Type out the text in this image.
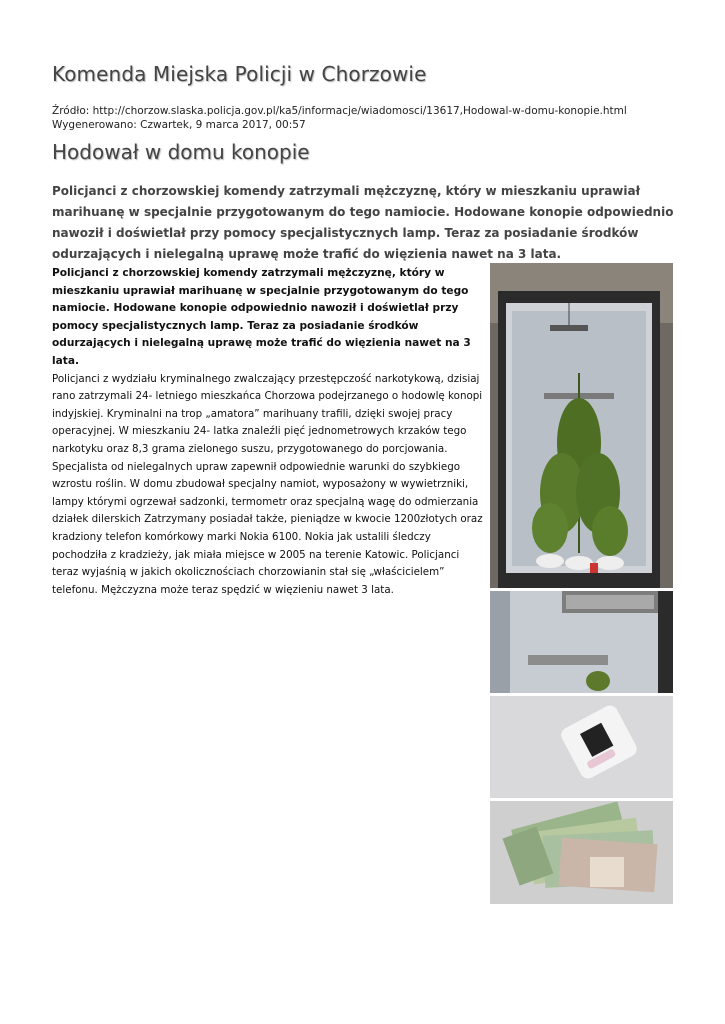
Komenda Miejska Policji w Chorzowie
Źródło: http://chorzow.slaska.policja.gov.pl/ka5/informacje/wiadomosci/13617,Hodowal-w-domu-konopie.html
Wygenerowano: Czwartek, 9 marca 2017, 00:57
Hodował w domu konopie

Policjanci z chorzowskiej komendy zatrzymali mężczyznę, który w mieszkaniu uprawiał marihuanę w specjalnie przygotowanym do tego namiocie. Hodowane konopie odpowiednio nawoził i doświetlał przy pomocy specjalistycznych lamp. Teraz za posiadanie środków odurzających i nielegalną uprawę może trafić do więzienia nawet na 3 lata.

Policjanci z chorzowskiej komendy zatrzymali mężczyznę, który w mieszkaniu uprawiał marihuanę w specjalnie przygotowanym do tego namiocie. Hodowane konopie odpowiednio nawoził i doświetlał przy pomocy specjalistycznych lamp. Teraz za posiadanie środków odurzających i nielegalną uprawę może trafić do więzienia nawet na 3 lata.

Policjanci z wydziału kryminalnego zwalczający przestępczość narkotykową, dzisiaj rano zatrzymali 24- letniego mieszkańca Chorzowa podejrzanego o hodowlę konopi indyjskiej. Kryminalni na trop „amatora” marihuany trafili, dzięki swojej pracy operacyjnej. W mieszkaniu 24- latka znaleźli pięć jednometrowych krzaków tego narkotyku oraz 8,3 grama zielonego suszu, przygotowanego do porcjowania. Specjalista od nielegalnych upraw zapewnił odpowiednie warunki do szybkiego wzrostu roślin. W domu zbudował specjalny namiot, wyposażony w wywietrzniki, lampy którymi ogrzewał sadzonki, termometr oraz specjalną wagę do odmierzania działek dilerskich Zatrzymany posiadał także, pieniądze w kwocie 1200złotych oraz kradziony telefon komórkowy marki Nokia 6100. Nokia jak ustalili śledczy pochodziła z kradzieży, jak miała miejsce w 2005 na terenie Katowic. Policjanci teraz wyjaśnią w jakich okolicznościach chorzowianin stał się „właścicielem” telefonu. Mężczyzna może teraz spędzić w więzieniu nawet 3 lata.
